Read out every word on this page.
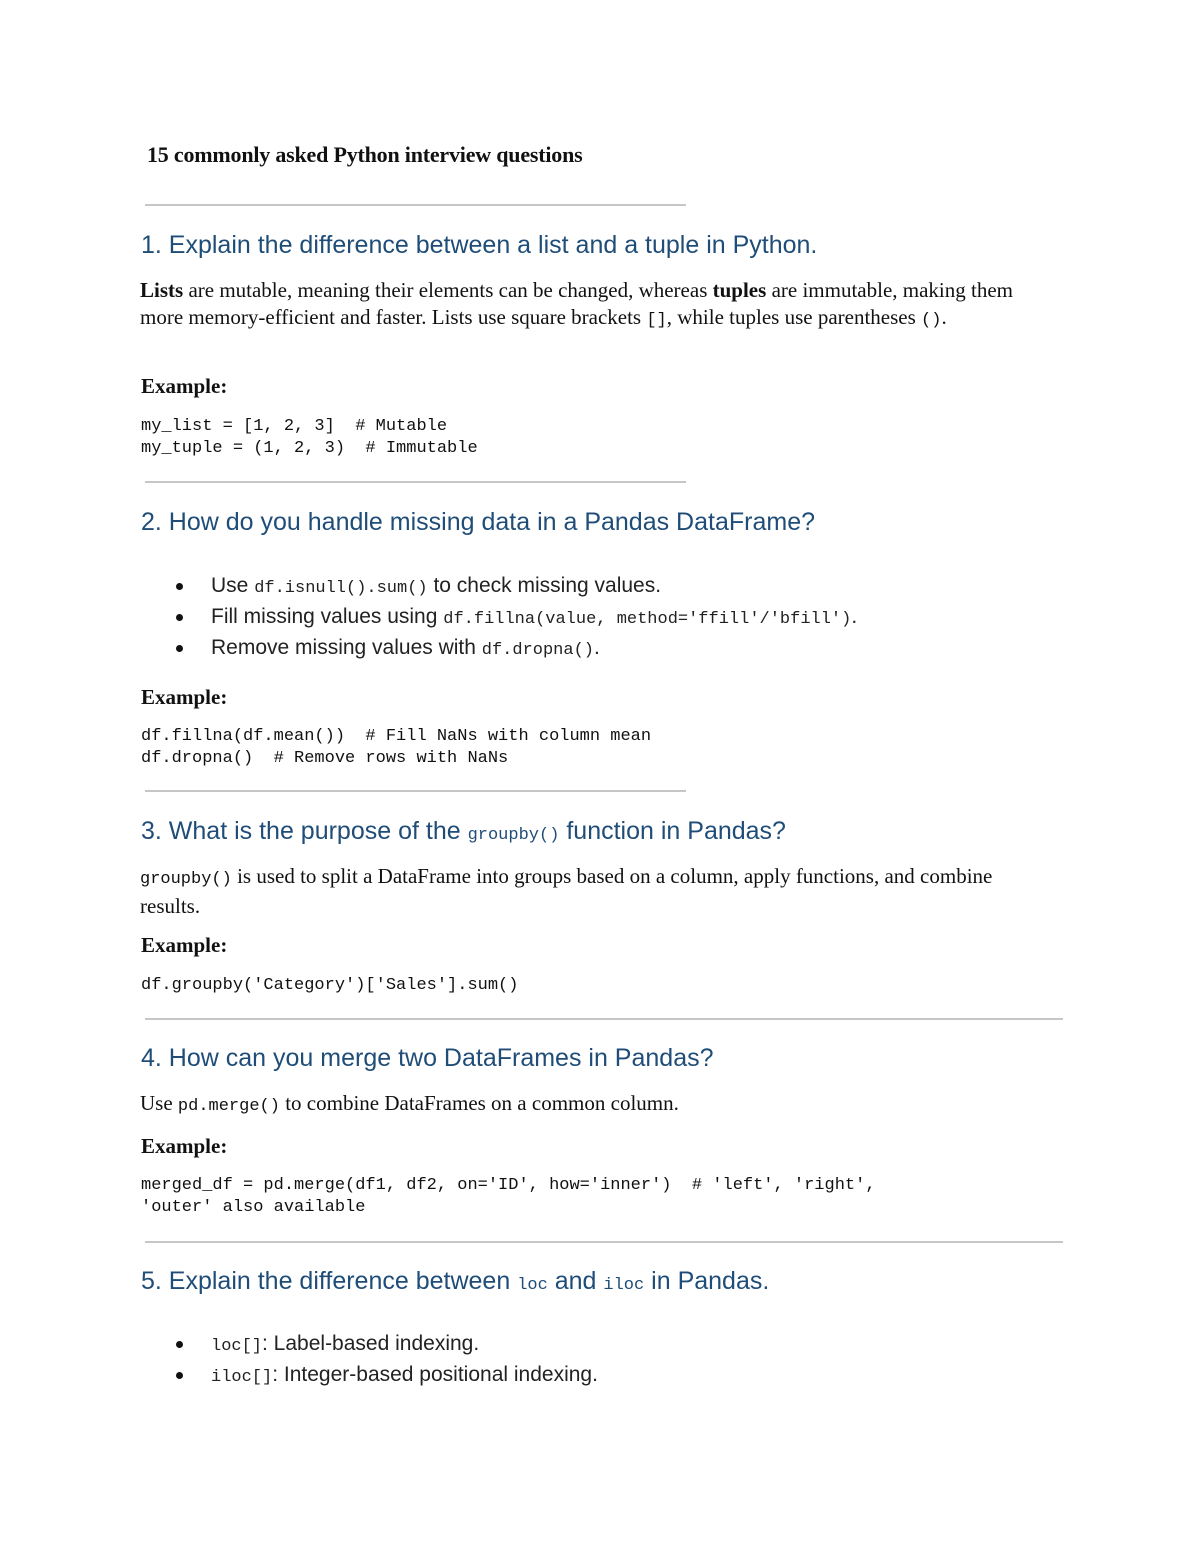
15 commonly asked Python interview questions
1. Explain the difference between a list and a tuple in Python.

Lists are mutable, meaning their elements can be changed, whereas tuples are immutable, making them more memory-efficient and faster. Lists use square brackets [], while tuples use parentheses ().

Example:
my_list = [1, 2, 3]  # Mutable
my_tuple = (1, 2, 3)  # Immutable
2. How do you handle missing data in a Pandas DataFrame?
Use df.isnull().sum() to check missing values.
Fill missing values using df.fillna(value, method='ffill'/'bfill').
Remove missing values with df.dropna().
Example:
df.fillna(df.mean())  # Fill NaNs with column mean
df.dropna()  # Remove rows with NaNs
3. What is the purpose of the groupby() function in Pandas?

groupby() is used to split a DataFrame into groups based on a column, apply functions, and combine results.

Example:
df.groupby('Category')['Sales'].sum()
4. How can you merge two DataFrames in Pandas?

Use pd.merge() to combine DataFrames on a common column.

Example:
merged_df = pd.merge(df1, df2, on='ID', how='inner')  # 'left', 'right',
'outer' also available
5. Explain the difference between loc and iloc in Pandas.
loc[]: Label-based indexing.
iloc[]: Integer-based positional indexing.
